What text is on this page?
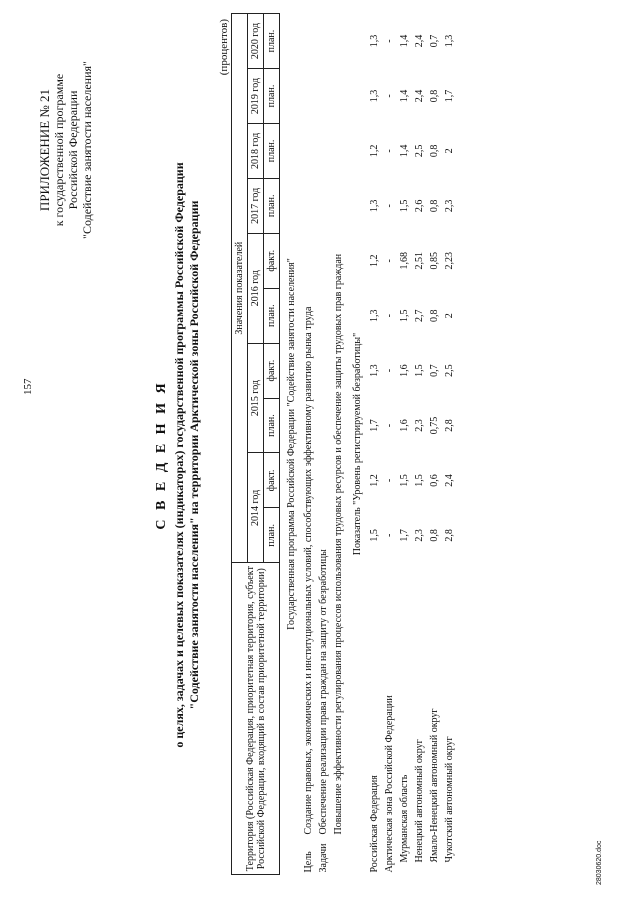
157
ПРИЛОЖЕНИЕ № 21 к государственной программе Российской Федерации "Содействие занятости населения"
С В Е Д Е Н И Я о целях, задачах и целевых показателях (индикаторах) государственной программы Российской Федерации "Содействие занятости населения" на территории Арктической зоны Российской Федерации
(процентов)
Территория (Российская Федерация, приоритетная территория, субъект Российской Федерации, входящий в состав приоритетной территории)	Значения показателей									
	2014 год		2015 год		2016 год		2017 год	2018 год	2019 год	2020 год
	план.	факт.	план.	факт.	план.	факт.	план.	план.	план.	план.
Государственная программа Российской Федерации "Содействие занятости населения"										
ЦельСоздание правовых, экономических и институциональных условий, способствующих эффективному развитию рынка труда										
ЗадачиОбеспечение реализации права граждан на защиту от безработицы										
Повышение эффективности регулирования процессов использования трудовых ресурсов и обеспечение защиты трудовых прав граждан										
Показатель "Уровень регистрируемой безработицы"										
Российская Федерация	1,5	1,2	1,7	1,3	1,3	1,2	1,3	1,2	1,3	1,3
Арктическая зона Российской Федерации	-	-	-	-	-	-	-	-	-	-
Мурманская область	1,7	1,5	1,6	1,6	1,5	1,68	1,5	1,4	1,4	1,4
Ненецкий автономный округ	2,3	1,5	2,3	1,5	2,7	2,51	2,6	2,5	2,4	2,4
Ямало-Ненецкий автономный округ	0,8	0,6	0,75	0,7	0,8	0,85	0,8	0,8	0,8	0,7
Чукотский автономный округ	2,8	2,4	2,8	2,5	2	2,23	2,3	2	1,7	1,3
28030620.doc
